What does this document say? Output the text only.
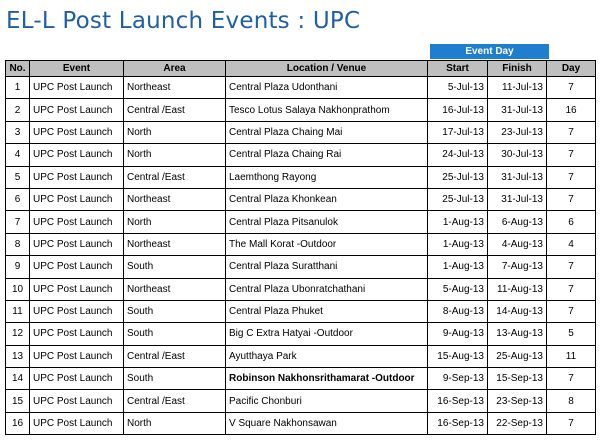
EL-L Post Launch Events : UPC
Event Day
No.	Event	Area	Location / Venue	Start	Finish	Day
1	UPC Post Launch	Northeast	Central Plaza Udonthani	5-Jul-13	11-Jul-13	7
2	UPC Post Launch	Central /East	Tesco Lotus Salaya Nakhonprathom	16-Jul-13	31-Jul-13	16
3	UPC Post Launch	North	Central Plaza Chaing Mai	17-Jul-13	23-Jul-13	7
4	UPC Post Launch	North	Central Plaza Chaing Rai	24-Jul-13	30-Jul-13	7
5	UPC Post Launch	Central /East	Laemthong Rayong	25-Jul-13	31-Jul-13	7
6	UPC Post Launch	Northeast	Central Plaza Khonkean	25-Jul-13	31-Jul-13	7
7	UPC Post Launch	North	Central Plaza Pitsanulok	1-Aug-13	6-Aug-13	6
8	UPC Post Launch	Northeast	The Mall Korat -Outdoor	1-Aug-13	4-Aug-13	4
9	UPC Post Launch	South	Central Plaza Suratthani	1-Aug-13	7-Aug-13	7
10	UPC Post Launch	Northeast	Central Plaza Ubonratchathani	5-Aug-13	11-Aug-13	7
11	UPC Post Launch	South	Central Plaza Phuket	8-Aug-13	14-Aug-13	7
12	UPC Post Launch	South	Big C Extra Hatyai -Outdoor	9-Aug-13	13-Aug-13	5
13	UPC Post Launch	Central /East	Ayutthaya Park	15-Aug-13	25-Aug-13	11
14	UPC Post Launch	South	Robinson Nakhonsrithamarat -Outdoor	9-Sep-13	15-Sep-13	7
15	UPC Post Launch	Central /East	Pacific Chonburi	16-Sep-13	23-Sep-13	8
16	UPC Post Launch	North	V Square Nakhonsawan	16-Sep-13	22-Sep-13	7
